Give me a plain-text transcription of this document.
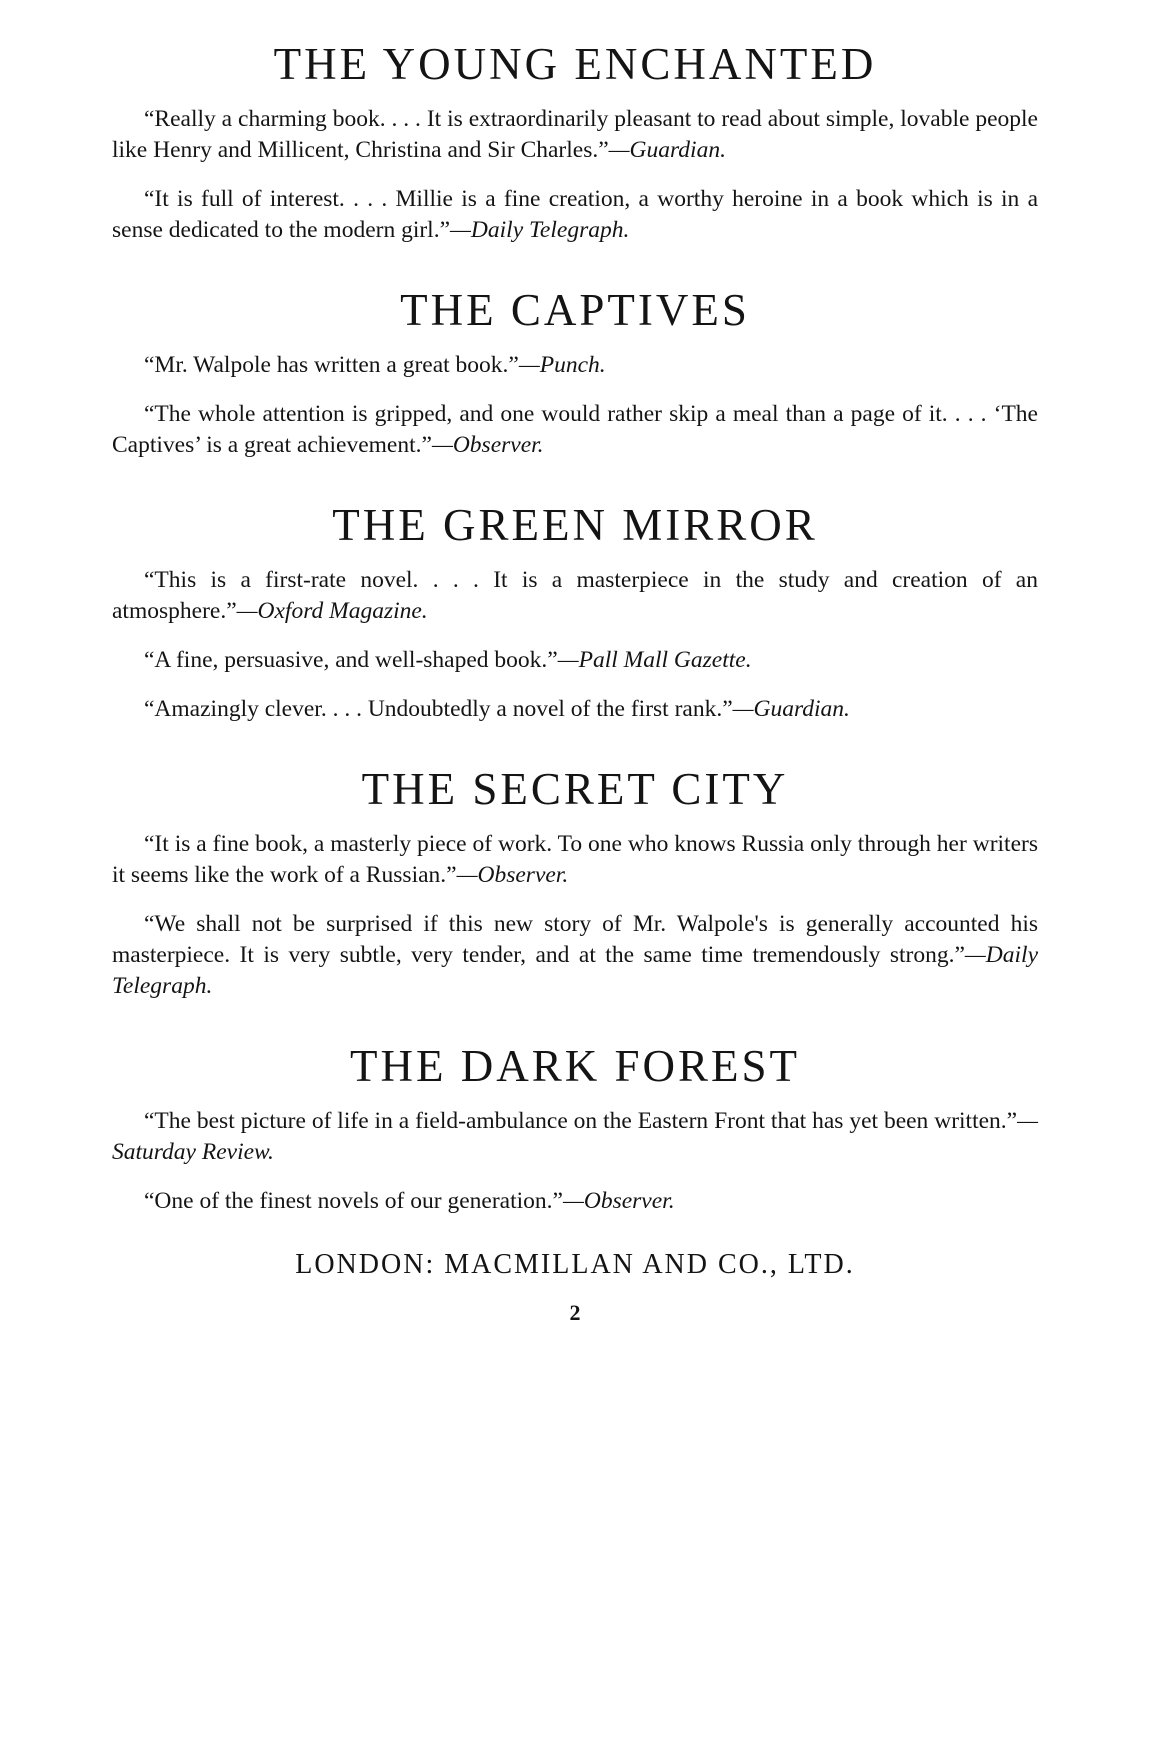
THE YOUNG ENCHANTED

“Really a charming book. . . . It is extraordinarily pleasant to read about simple, lovable people like Henry and Millicent, Christina and Sir Charles.”—Guardian.

“It is full of interest. . . . Millie is a fine creation, a worthy heroine in a book which is in a sense dedicated to the modern girl.”—Daily Telegraph.

THE CAPTIVES

“Mr. Walpole has written a great book.”—Punch.

“The whole attention is gripped, and one would rather skip a meal than a page of it. . . . ‘The Captives’ is a great achievement.”—Observer.

THE GREEN MIRROR

“This is a first-rate novel. . . . It is a masterpiece in the study and creation of an atmosphere.”—Oxford Magazine.

“A fine, persuasive, and well-shaped book.”—Pall Mall Gazette.

“Amazingly clever. . . . Undoubtedly a novel of the first rank.”—Guardian.

THE SECRET CITY

“It is a fine book, a masterly piece of work. To one who knows Russia only through her writers it seems like the work of a Russian.”—Observer.

“We shall not be surprised if this new story of Mr. Walpole's is generally accounted his masterpiece. It is very subtle, very tender, and at the same time tremendously strong.”—Daily Telegraph.

THE DARK FOREST

“The best picture of life in a field-ambulance on the Eastern Front that has yet been written.”—Saturday Review.

“One of the finest novels of our generation.”—Observer.

LONDON: MACMILLAN AND CO., LTD.
2
